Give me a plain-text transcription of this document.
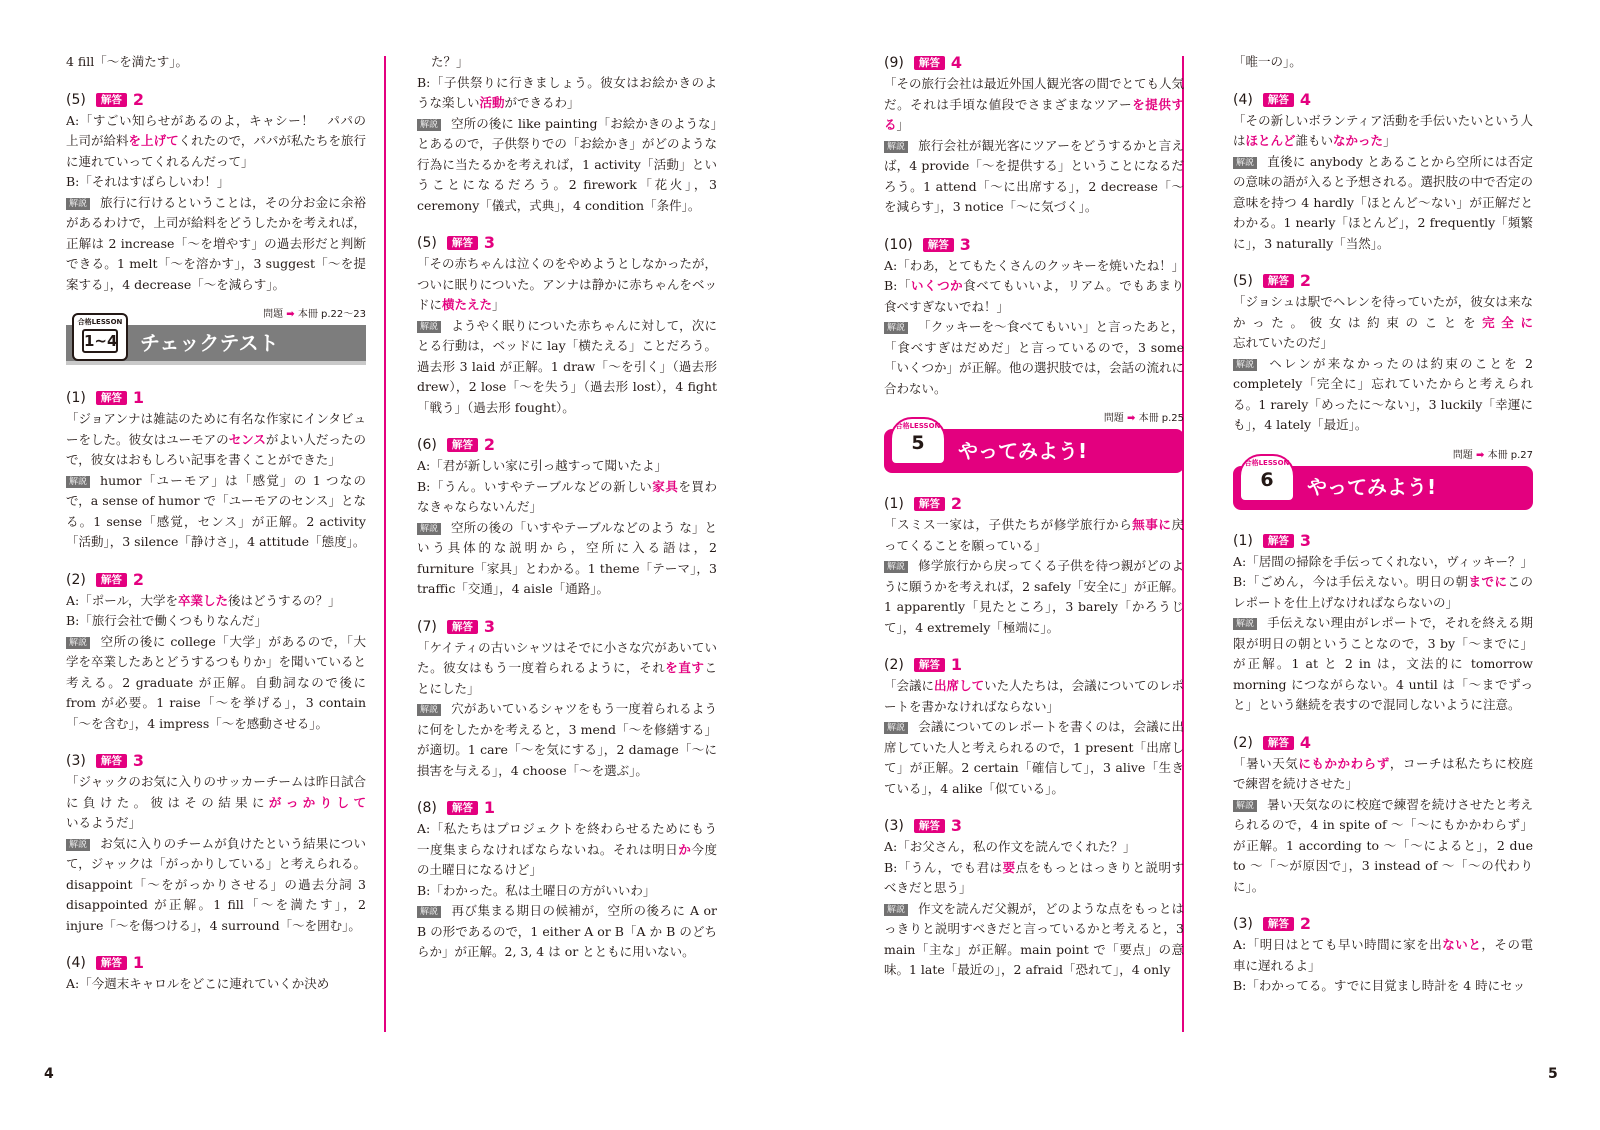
4 fill「～を満たす」。
(5)	解答 2
A:「すごい知らせがあるのよ，キャシー！　パパの上司が給料を上げてくれたので，パパが私たちを旅行に連れていってくれるんだって」
B:「それはすばらしいわ！」
解説 旅行に行けるということは，その分お金に余裕があるわけで，上司が給料をどうしたかを考えれば，正解は 2 increase「～を増やす」の過去形だと判断できる。1 melt「～を溶かす」，3 suggest「～を提案する」，4 decrease「～を減らす」。
問題 ➡ 本冊 p.22～23
合格LESSON
1~4 チェックテスト
(1)	解答 1
「ジョアンナは雑誌のために有名な作家にインタビューをした。彼女はユーモアのセンスがよい人だったので，彼女はおもしろい記事を書くことができた」
解説 humor「ユーモア」は「感覚」の 1 つなので，a sense of humor で「ユーモアのセンス」となる。1 sense「感覚，センス」が正解。2 activity「活動」，3 silence「静けさ」，4 attitude「態度」。
(2)	解答 2
A:「ポール，大学を卒業した後はどうするの？」
B:「旅行会社で働くつもりなんだ」
解説 空所の後に college「大学」があるので，「大学を卒業したあとどうするつもりか」を聞いていると考える。2 graduate が正解。自動詞なので後に from が必要。1 raise「～を挙げる」，3 contain「～を含む」，4 impress「～を感動させる」。
(3)	解答 3
「ジャックのお気に入りのサッカーチームは昨日試合に負けた。彼はその結果にがっかりしているようだ」
解説 お気に入りのチームが負けたという結果について，ジャックは「がっかりしている」と考えられる。disappoint「～をがっかりさせる」の過去分詞 3 disappointed が正解。1 fill「～を満たす」，2 injure「～を傷つける」，4 surround「～を囲む」。
(4)	解答 1
A:「今週末キャロルをどこに連れていくか決め
た？」
B:「子供祭りに行きましょう。彼女はお絵かきのような楽しい活動ができるわ」
解説 空所の後に like painting「お絵かきのような」とあるので，子供祭りでの「お絵かき」がどのような行為に当たるかを考えれば，1 activity「活動」ということになるだろう。2 firework「花火」，3 ceremony「儀式，式典」，4 condition「条件」。
(5)	解答 3
「その赤ちゃんは泣くのをやめようとしなかったが，ついに眠りについた。アンナは静かに赤ちゃんをベッドに横たえた」
解説 ようやく眠りについた赤ちゃんに対して，次にとる行動は，ベッドに lay「横たえる」ことだろう。過去形 3 laid が正解。1 draw「～を引く」（過去形 drew），2 lose「～を失う」（過去形 lost），4 fight「戦う」（過去形 fought）。
(6)	解答 2
A:「君が新しい家に引っ越すって聞いたよ」
B:「うん。いすやテーブルなどの新しい家具を買わなきゃならないんだ」
解説 空所の後の「いすやテーブルなどのよう な」という具体的な説明から，空所に入る語は，2 furniture「家具」とわかる。1 theme「テーマ」，3 traffic「交通」，4 aisle「通路」。
(7)	解答 3
「ケイティの古いシャツはそでに小さな穴があいていた。彼女はもう一度着られるように，それを直すことにした」
解説 穴があいているシャツをもう一度着られるように何をしたかを考えると，3 mend「～を修繕する」が適切。1 care「～を気にする」，2 damage「～に損害を与える」，4 choose「～を選ぶ」。
(8)	解答 1
A:「私たちはプロジェクトを終わらせるためにもう一度集まらなければならないね。それは明日か今度の土曜日になるけど」
B:「わかった。私は土曜日の方がいいわ」
解説 再び集まる期日の候補が，空所の後ろに A or B の形であるので，1 either A or B「A か B のどちらか」が正解。2, 3, 4 は or とともに用いない。
(9)	解答 4
「その旅行会社は最近外国人観光客の間でとても人気だ。それは手頃な値段でさまざまなツアーを提供する」
解説 旅行会社が観光客にツアーをどうするかと言えば，4 provide「～を提供する」ということになるだろう。1 attend「～に出席する」，2 decrease「～を減らす」，3 notice「～に気づく」。
(10)	解答 3
A:「わあ，とてもたくさんのクッキーを焼いたね！」
B:「いくつか食べてもいいよ，リアム。でもあまり食べすぎないでね！」
解説 「クッキーを～食べてもいい」と言ったあと，「食べすぎはだめだ」と言っているので，3 some「いくつか」が正解。他の選択肢では，会話の流れに合わない。
問題 ➡ 本冊 p.25
合格LESSON
5	やってみよう!
(1)	解答 2
「スミス一家は，子供たちが修学旅行から無事に戻ってくることを願っている」
解説 修学旅行から戻ってくる子供を待つ親がどのように願うかを考えれば，2 safely「安全に」が正解。1 apparently「見たところ」，3 barely「かろうじて」，4 extremely「極端に」。
(2)	解答 1
「会議に出席していた人たちは，会議についてのレポートを書かなければならない」
解説 会議についてのレポートを書くのは，会議に出席していた人と考えられるので，1 present「出席して」が正解。2 certain「確信して」，3 alive「生きている」，4 alike「似ている」。
(3)	解答 3
A:「お父さん，私の作文を読んでくれた？」
B:「うん，でも君は要点をもっとはっきりと説明すべきだと思う」
解説 作文を読んだ父親が，どのような点をもっとはっきりと説明すべきだと言っているかと考えると，3 main「主な」が正解。main point で「要点」の意味。1 late「最近の」，2 afraid「恐れて」，4 only
「唯一の」。
(4)	解答 4
「その新しいボランティア活動を手伝いたいという人はほとんど誰もいなかった」
解説 直後に anybody とあることから空所には否定の意味の語が入ると予想される。選択肢の中で否定の意味を持つ 4 hardly「ほとんど～ない」が正解だとわかる。1 nearly「ほとんど」，2 frequently「頻繁に」，3 naturally「当然」。
(5)	解答 2
「ジョシュは駅でヘレンを待っていたが，彼女は来なかった。彼女は約束のことを完全に忘れていたのだ」
解説 ヘレンが来なかったのは約束のことを 2 completely「完全に」忘れていたからと考えられる。1 rarely「めったに～ない」，3 luckily「幸運にも」，4 lately「最近」。
問題 ➡ 本冊 p.27
合格LESSON
6	やってみよう!
(1)	解答 3
A:「居間の掃除を手伝ってくれない，ヴィッキー？」
B:「ごめん，今は手伝えない。明日の朝までにこのレポートを仕上げなければならないの」
解説 手伝えない理由がレポートで，それを終える期限が明日の朝ということなので，3 by「～までに」が正解。1 at と 2 in は，文法的に tomorrow morning につながらない。4 until は「～までずっと」という継続を表すので混同しないように注意。
(2)	解答 4
「暑い天気にもかかわらず，コーチは私たちに校庭で練習を続けさせた」
解説 暑い天気なのに校庭で練習を続けさせたと考えられるので，4 in spite of ～「～にもかかわらず」が正解。1 according to ～「～によると」，2 due to ～「～が原因で」，3 instead of ～「～の代わりに」。
(3)	解答 2
A:「明日はとても早い時間に家を出ないと，その電車に遅れるよ」
B:「わかってる。すでに目覚まし時計を 4 時にセッ
4	5
